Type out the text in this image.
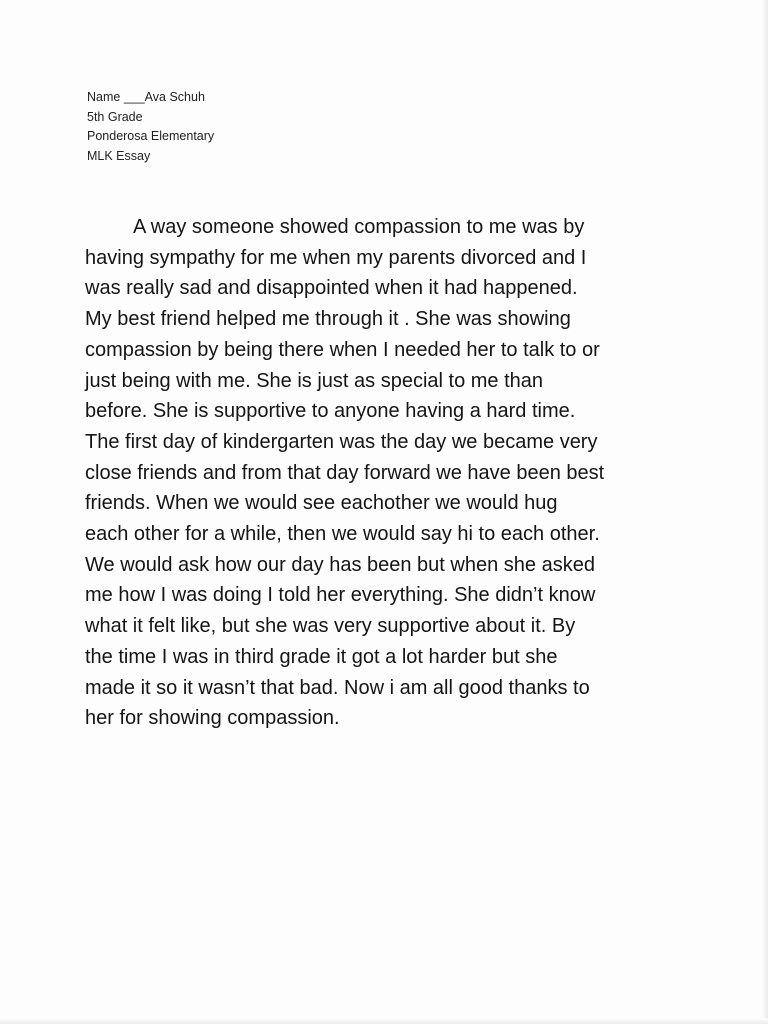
Name ___Ava Schuh
5th Grade
Ponderosa Elementary
MLK Essay
A way someone showed compassion to me was by
having sympathy for me when my parents divorced and I
was really sad and disappointed when it had happened.
My best friend helped me through it . She was showing
compassion by being there when I needed her to talk to or
just being with me. She is just as special to me than
before. She is supportive to anyone having a hard time.
The first day of kindergarten was the day we became very
close friends and from that day forward we have been best
friends. When we would see eachother we would hug
each other for a while, then we would say hi to each other.
We would ask how our day has been but when she asked
me how I was doing I told her everything. She didn’t know
what it felt like, but she was very supportive about it. By
the time I was in third grade it got a lot harder but she
made it so it wasn’t that bad. Now i am all good thanks to
her for showing compassion.
